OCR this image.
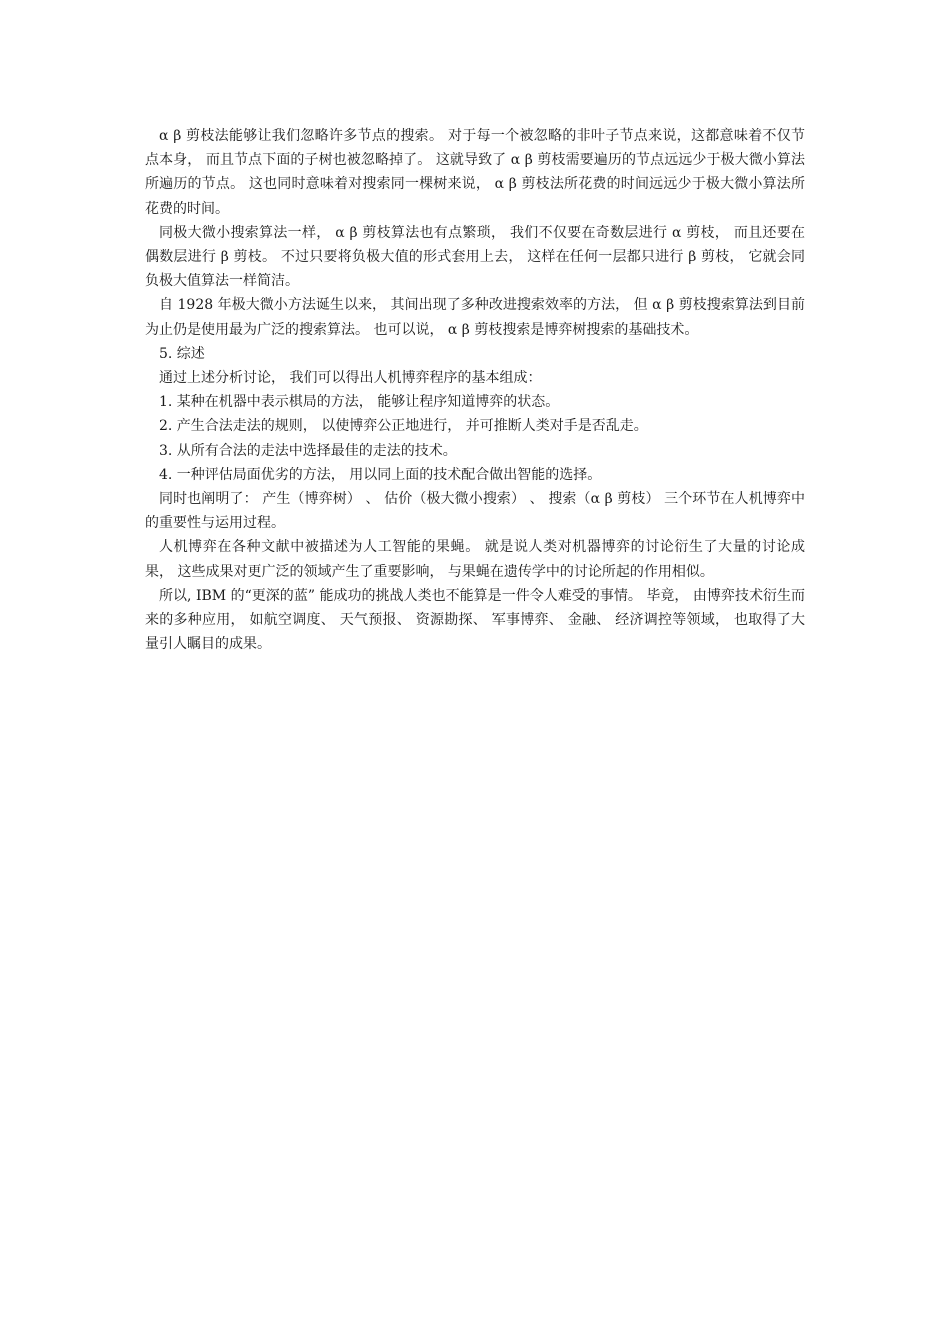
α β 剪枝法能够让我们忽略许多节点的搜索。 对于每一个被忽略的非叶子节点来说，这都意味着不仅节点本身， 而且节点下面的子树也被忽略掉了。 这就导致了 α β 剪枝需要遍历的节点远远少于极大微小算法所遍历的节点。 这也同时意味着对搜索同一棵树来说， α β 剪枝法所花费的时间远远少于极大微小算法所花费的时间。

同极大微小搜索算法一样， α β 剪枝算法也有点繁琐， 我们不仅要在奇数层进行 α 剪枝， 而且还要在偶数层进行 β 剪枝。 不过只要将负极大值的形式套用上去， 这样在任何一层都只进行 β 剪枝， 它就会同负极大值算法一样简洁。

自 1928 年极大微小方法诞生以来， 其间出现了多种改进搜索效率的方法， 但 α β 剪枝搜索算法到目前为止仍是使用最为广泛的搜索算法。 也可以说， α β 剪枝搜索是博弈树搜索的基础技术。

5. 综述

通过上述分析讨论， 我们可以得出人机博弈程序的基本组成：

1. 某种在机器中表示棋局的方法， 能够让程序知道博弈的状态。

2. 产生合法走法的规则， 以使博弈公正地进行， 并可推断人类对手是否乱走。

3. 从所有合法的走法中选择最佳的走法的技术。

4. 一种评估局面优劣的方法， 用以同上面的技术配合做出智能的选择。

同时也阐明了： 产生（博弈树） 、 估价（极大微小搜索） 、 搜索（α β 剪枝） 三个环节在人机博弈中的重要性与运用过程。

人机博弈在各种文献中被描述为人工智能的果蝇。 就是说人类对机器博弈的讨论衍生了大量的讨论成果， 这些成果对更广泛的领域产生了重要影响， 与果蝇在遗传学中的讨论所起的作用相似。

所以, IBM 的“更深的蓝” 能成功的挑战人类也不能算是一件令人难受的事情。 毕竟， 由博弈技术衍生而来的多种应用， 如航空调度、 天气预报、 资源勘探、 军事博弈、 金融、 经济调控等领域， 也取得了大量引人瞩目的成果。
